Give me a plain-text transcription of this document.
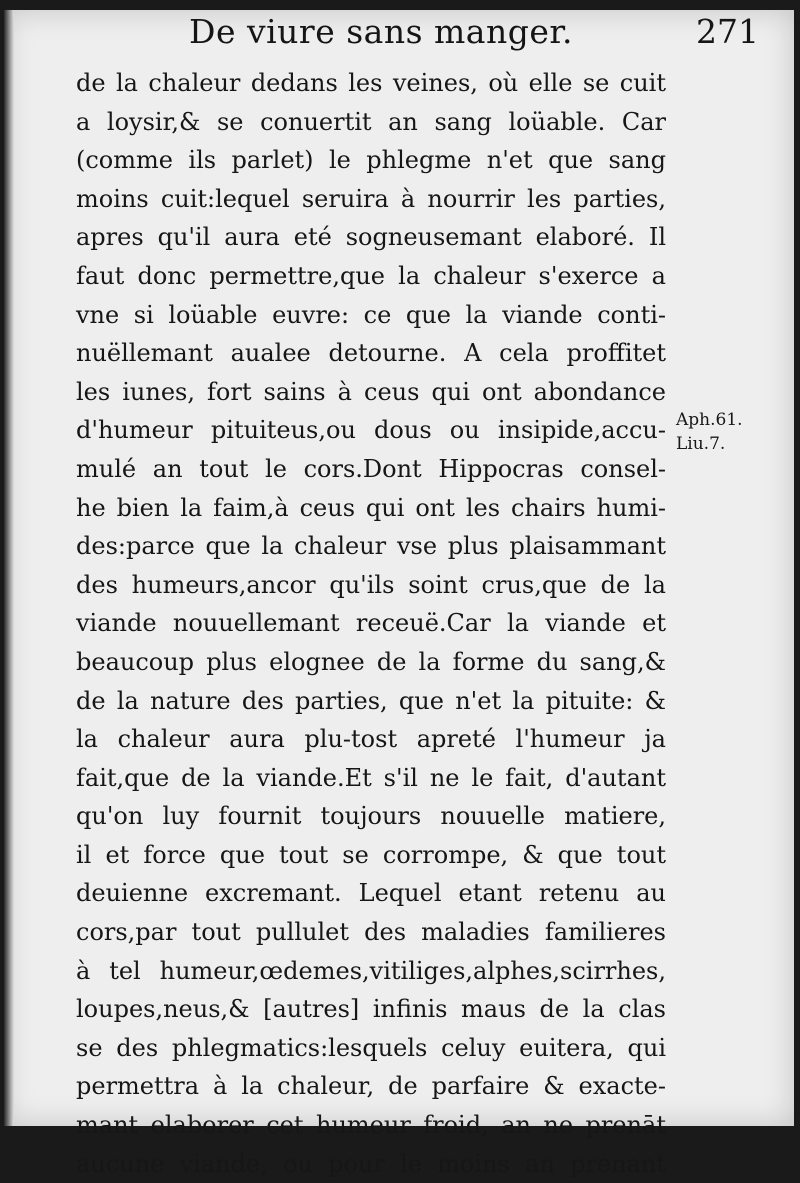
De viure sans manger.	271
de la chaleur dedans les veines, où elle se cuit
a loysir,& se conuertit an sang loüable. Car
(comme ils parlet) le phlegme n'et que sang
moins cuit:lequel seruira à nourrir les parties,
apres qu'il aura eté sogneusemant elaboré. Il
faut donc permettre,que la chaleur s'exerce a
vne si loüable euvre: ce que la viande conti-
nuëllemant aualee detourne. A cela proffitet
les iunes, fort sains à ceus qui ont abondance
d'humeur pituiteus,ou dous ou insipide,accu-
mulé an tout le cors.Dont Hippocras consel-
he bien la faim,à ceus qui ont les chairs humi-
des:parce que la chaleur vse plus plaisammant
des humeurs,ancor qu'ils soint crus,que de la
viande nouuellemant receuë.Car la viande et
beaucoup plus elognee de la forme du sang,&
de la nature des parties, que n'et la pituite: &
la chaleur aura plu-tost apreté l'humeur ja
fait,que de la viande.Et s'il ne le fait, d'autant
qu'on luy fournit toujours nouuelle matiere,
il et force que tout se corrompe, & que tout
deuienne excremant. Lequel etant retenu au
cors,par tout pullulet des maladies familieres
à tel humeur,œdemes,vitiliges,alphes,scirrhes,
loupes,neus,& [autres] infinis maus de la clas
se des phlegmatics:lesquels celuy euitera, qui
permettra à la chaleur, de parfaire & exacte-
mant elaborer cet humeur froid, an ne prenāt
aucune viande, ou pour le moins an prenant
Aph.61.
Liu.7.
